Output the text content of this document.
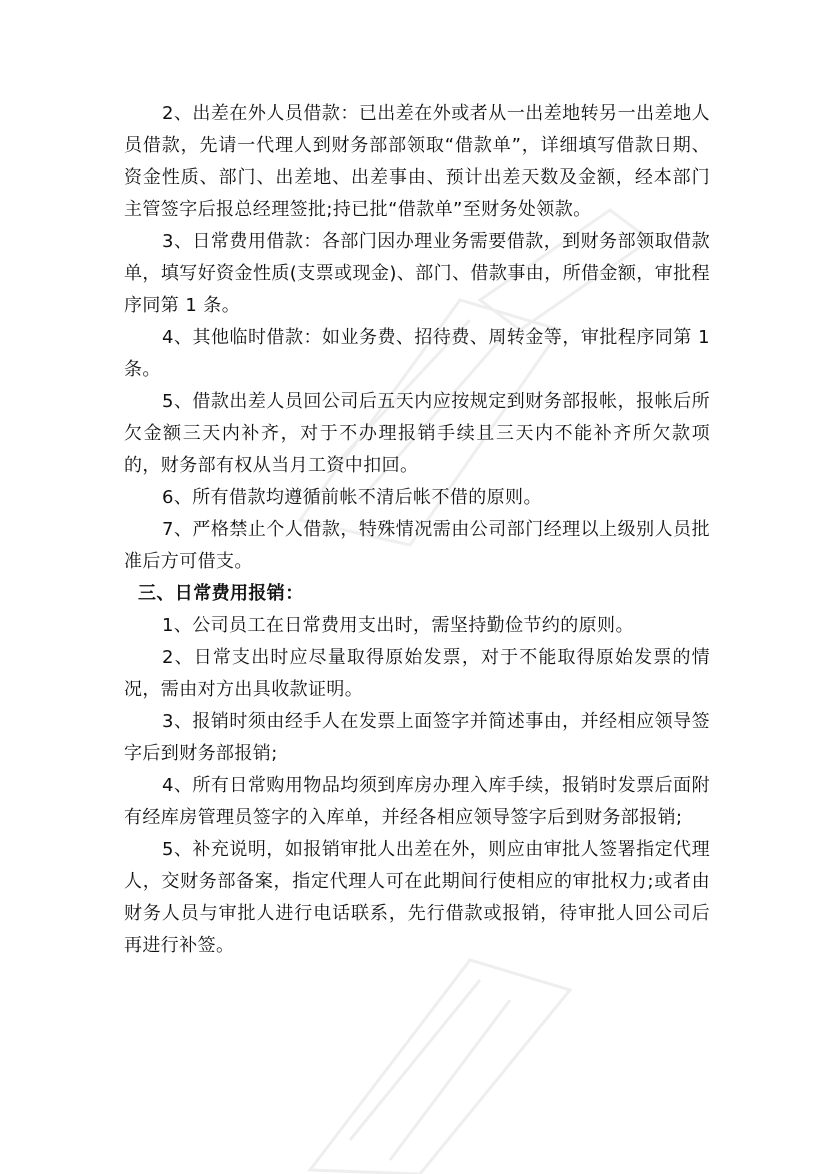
2、出差在外人员借款：已出差在外或者从一出差地转另一出差地人员借款，先请一代理人到财务部部领取“借款单”，详细填写借款日期、资金性质、部门、出差地、出差事由、预计出差天数及金额，经本部门主管签字后报总经理签批;持已批“借款单”至财务处领款。

3、日常费用借款：各部门因办理业务需要借款，到财务部领取借款单，填写好资金性质(支票或现金)、部门、借款事由，所借金额，审批程序同第 1 条。

4、其他临时借款：如业务费、招待费、周转金等，审批程序同第 1 条。

5、借款出差人员回公司后五天内应按规定到财务部报帐，报帐后所欠金额三天内补齐，对于不办理报销手续且三天内不能补齐所欠款项的，财务部有权从当月工资中扣回。

6、所有借款均遵循前帐不清后帐不借的原则。

7、严格禁止个人借款，特殊情况需由公司部门经理以上级别人员批准后方可借支。

三、日常费用报销：

1、公司员工在日常费用支出时，需坚持勤俭节约的原则。

2、日常支出时应尽量取得原始发票，对于不能取得原始发票的情况，需由对方出具收款证明。

3、报销时须由经手人在发票上面签字并简述事由，并经相应领导签字后到财务部报销;

4、所有日常购用物品均须到库房办理入库手续，报销时发票后面附有经库房管理员签字的入库单，并经各相应领导签字后到财务部报销;

5、补充说明，如报销审批人出差在外，则应由审批人签署指定代理人，交财务部备案，指定代理人可在此期间行使相应的审批权力;或者由财务人员与审批人进行电话联系，先行借款或报销，待审批人回公司后再进行补签。
